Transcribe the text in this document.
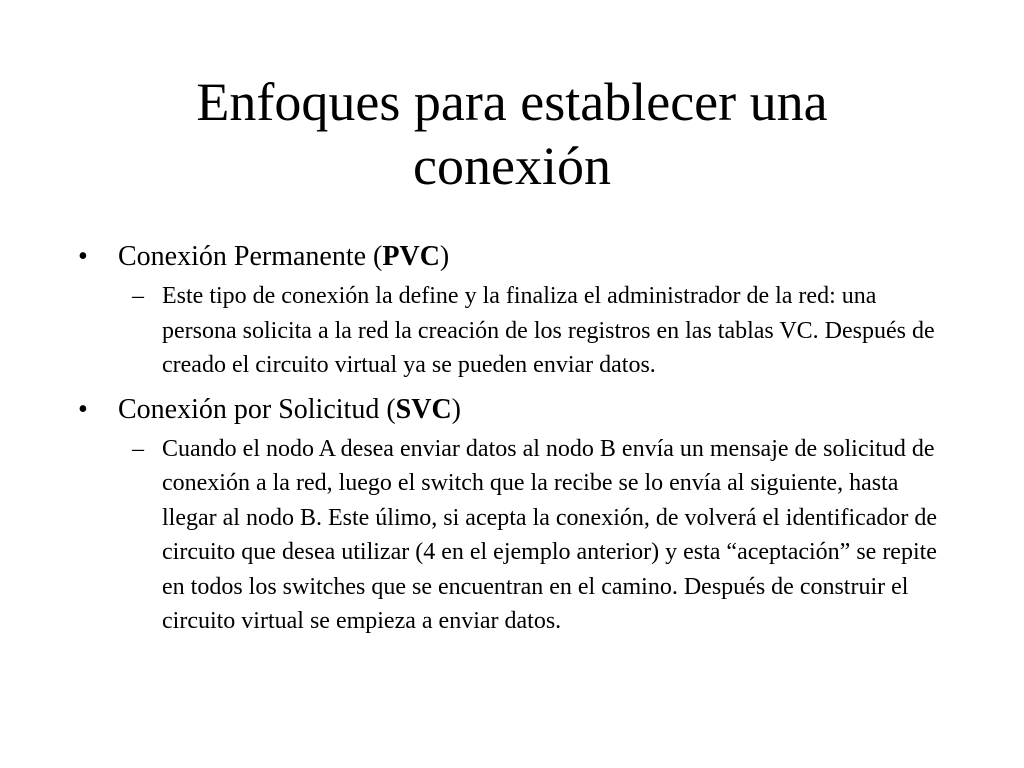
Enfoques para establecer una
conexión
• Conexión Permanente (PVC)
– Este tipo de conexión la define y la finaliza el administrador de la red: una persona solicita a la red la creación de los registros en las tablas VC. Después de creado el circuito virtual ya se pueden enviar datos.
• Conexión por Solicitud (SVC)
– Cuando el nodo A desea enviar datos al nodo B envía un mensaje de solicitud de conexión a la red, luego el switch que la recibe se lo envía al siguiente, hasta llegar al nodo B. Este úlimo, si acepta la conexión, de volverá el identificador de circuito que desea utilizar (4 en el ejemplo anterior) y esta “aceptación” se repite en todos los switches que se encuentran en el camino. Después de construir el circuito virtual se empieza a enviar datos.
